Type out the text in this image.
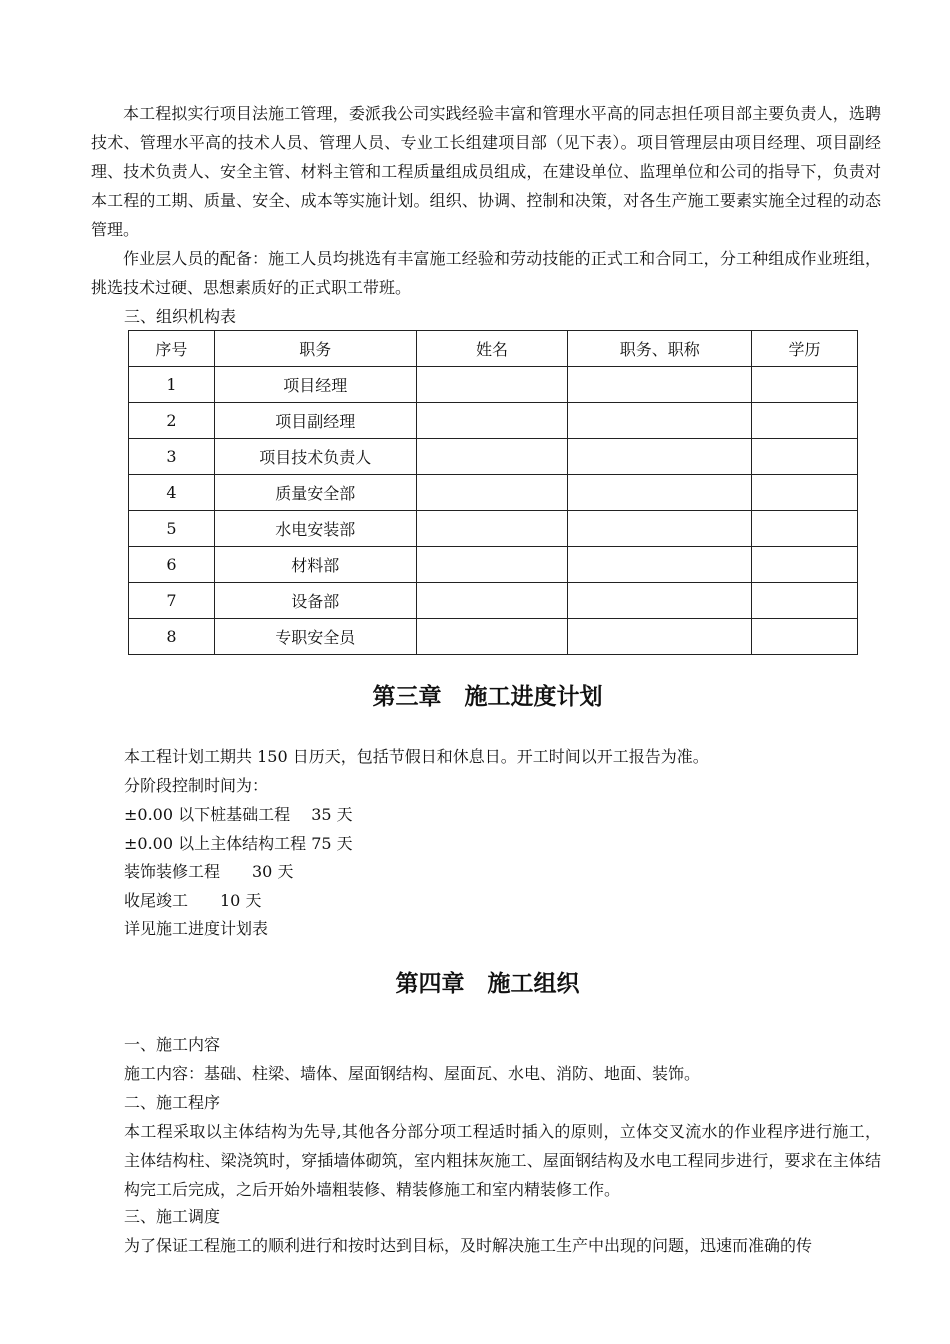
本工程拟实行项目法施工管理，委派我公司实践经验丰富和管理水平高的同志担任项目部主要负责人，选聘技术、管理水平高的技术人员、管理人员、专业工长组建项目部（见下表）。项目管理层由项目经理、项目副经理、技术负责人、安全主管、材料主管和工程质量组成员组成，在建设单位、监理单位和公司的指导下，负责对本工程的工期、质量、安全、成本等实施计划。组织、协调、控制和决策，对各生产施工要素实施全过程的动态管理。

作业层人员的配备：施工人员均挑选有丰富施工经验和劳动技能的正式工和合同工，分工种组成作业班组，挑选技术过硬、思想素质好的正式职工带班。

三、组织机构表

序号	职务	姓名	职务、职称	学历
1	项目经理			
2	项目副经理			
3	项目技术负责人			
4	质量安全部			
5	水电安装部			
6	材料部			
7	设备部			
8	专职安全员			
第三章　施工进度计划

本工程计划工期共 150 日历天，包括节假日和休息日。开工时间以开工报告为准。

分阶段控制时间为：

±0.00 以下桩基础工程　 35 天

±0.00 以上主体结构工程 75 天

装饰装修工程　　30 天

收尾竣工　　10 天

详见施工进度计划表

第四章　施工组织

一、施工内容

施工内容：基础、柱梁、墙体、屋面钢结构、屋面瓦、水电、消防、地面、装饰。

二、施工程序

本工程采取以主体结构为先导,其他各分部分项工程适时插入的原则，立体交叉流水的作业程序进行施工，主体结构柱、梁浇筑时，穿插墙体砌筑，室内粗抹灰施工、屋面钢结构及水电工程同步进行，要求在主体结构完工后完成，之后开始外墙粗装修、精装修施工和室内精装修工作。

三、施工调度

为了保证工程施工的顺利进行和按时达到目标，及时解决施工生产中出现的问题，迅速而准确的传
